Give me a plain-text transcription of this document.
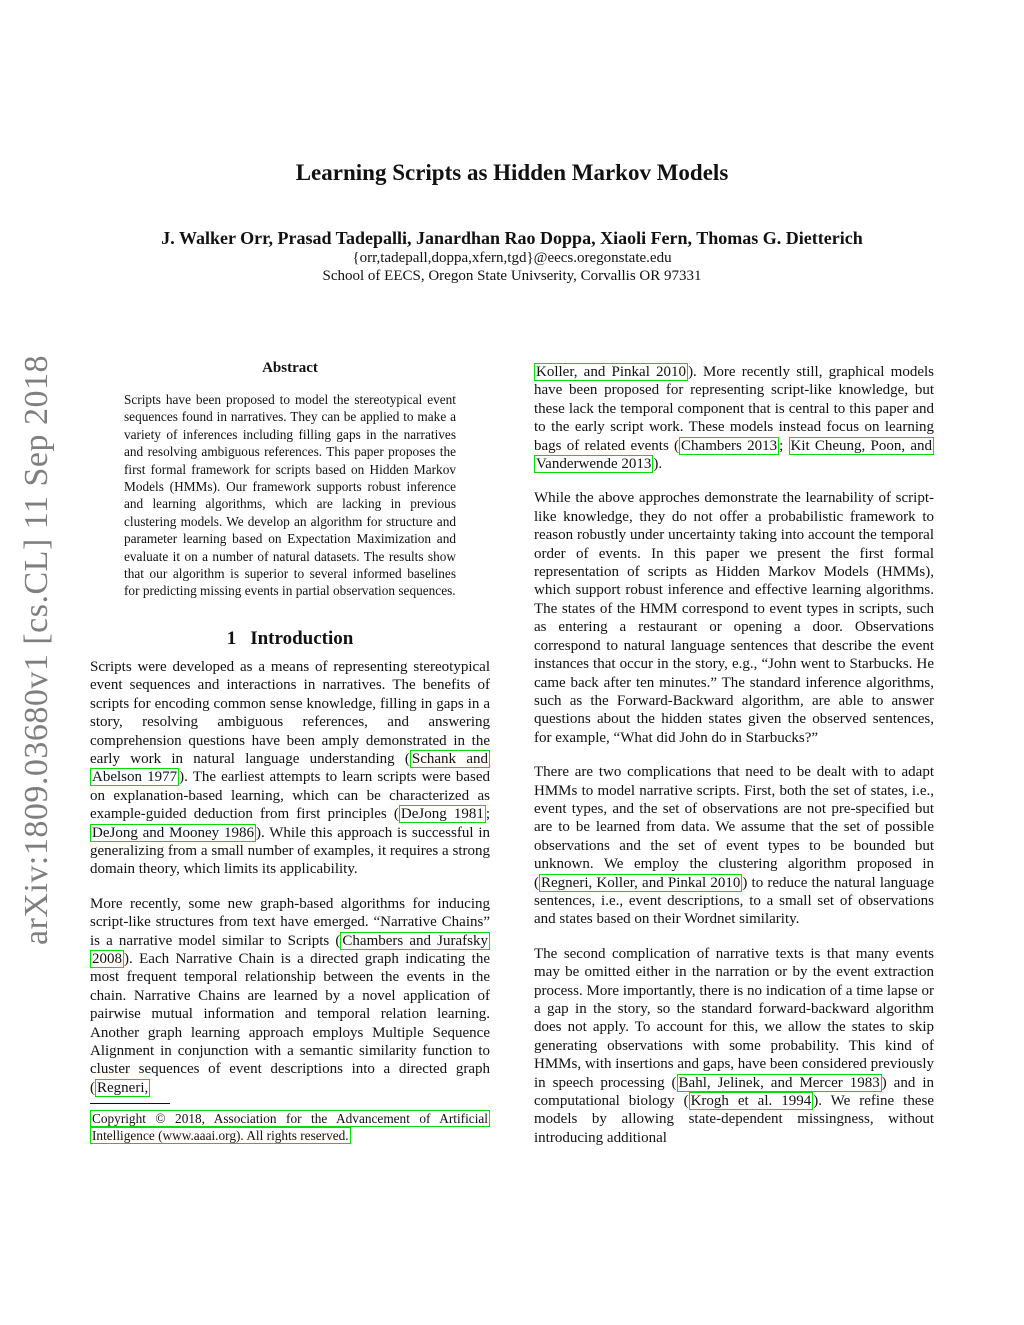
Learning Scripts as Hidden Markov Models
J. Walker Orr, Prasad Tadepalli, Janardhan Rao Doppa, Xiaoli Fern, Thomas G. Dietterich
{orr,tadepall,doppa,xfern,tgd}@eecs.oregonstate.edu
School of EECS, Oregon State Univserity, Corvallis OR 97331
arXiv:1809.03680v1 [cs.CL] 11 Sep 2018	Abstract

Scripts have been proposed to model the stereotypical event sequences found in narratives. They can be applied to make a variety of inferences including filling gaps in the narratives and resolving ambiguous references. This paper proposes the first formal framework for scripts based on Hidden Markov Models (HMMs). Our framework supports robust inference and learning algorithms, which are lacking in previous clustering models. We develop an algorithm for structure and parameter learning based on Expectation Maximization and evaluate it on a number of natural datasets. The results show that our algorithm is superior to several informed baselines for predicting missing events in partial observation sequences.

1 Introduction

Scripts were developed as a means of representing stereotypical event sequences and interactions in narratives. The benefits of scripts for encoding common sense knowledge, filling in gaps in a story, resolving ambiguous references, and answering comprehension questions have been amply demonstrated in the early work in natural language understanding ( Schank and Abelson 1977 ). The earliest attempts to learn scripts were based on explanation-based learning, which can be characterized as example-guided deduction from first principles ( DeJong 1981 ; DeJong and Mooney 1986 ). While this approach is successful in generalizing from a small number of examples, it requires a strong domain theory, which limits its applicability.

More recently, some new graph-based algorithms for inducing script-like structures from text have emerged. “Narrative Chains” is a narrative model similar to Scripts ( Chambers and Jurafsky 2008 ). Each Narrative Chain is a directed graph indicating the most frequent temporal relationship between the events in the chain. Narrative Chains are learned by a novel application of pairwise mutual information and temporal relation learning. Another graph learning approach employs Multiple Sequence Alignment in conjunction with a semantic similarity function to cluster sequences of event descriptions into a directed graph ( Regneri,

Copyright © 2018, Association for the Advancement of Artificial Intelligence (www.aaai.org). All rights reserved.

Koller, and Pinkal 2010 ). More recently still, graphical models have been proposed for representing script-like knowledge, but these lack the temporal component that is central to this paper and to the early script work. These models instead focus on learning bags of related events ( Chambers 2013 ; Kit Cheung, Poon, and Vanderwende 2013 ).

While the above approches demonstrate the learnability of script-like knowledge, they do not offer a probabilistic framework to reason robustly under uncertainty taking into account the temporal order of events. In this paper we present the first formal representation of scripts as Hidden Markov Models (HMMs), which support robust inference and effective learning algorithms. The states of the HMM correspond to event types in scripts, such as entering a restaurant or opening a door. Observations correspond to natural language sentences that describe the event instances that occur in the story, e.g., “John went to Starbucks. He came back after ten minutes.” The standard inference algorithms, such as the Forward-Backward algorithm, are able to answer questions about the hidden states given the observed sentences, for example, “What did John do in Starbucks?”

There are two complications that need to be dealt with to adapt HMMs to model narrative scripts. First, both the set of states, i.e., event types, and the set of observations are not pre-specified but are to be learned from data. We assume that the set of possible observations and the set of event types to be bounded but unknown. We employ the clustering algorithm proposed in ( Regneri, Koller, and Pinkal 2010 ) to reduce the natural language sentences, i.e., event descriptions, to a small set of observations and states based on their Wordnet similarity.

The second complication of narrative texts is that many events may be omitted either in the narration or by the event extraction process. More importantly, there is no indication of a time lapse or a gap in the story, so the standard forward-backward algorithm does not apply. To account for this, we allow the states to skip generating observations with some probability. This kind of HMMs, with insertions and gaps, have been considered previously in speech processing ( Bahl, Jelinek, and Mercer 1983 ) and in computational biology ( Krogh et al. 1994 ). We refine these models by allowing state-dependent missingness, without introducing additional
